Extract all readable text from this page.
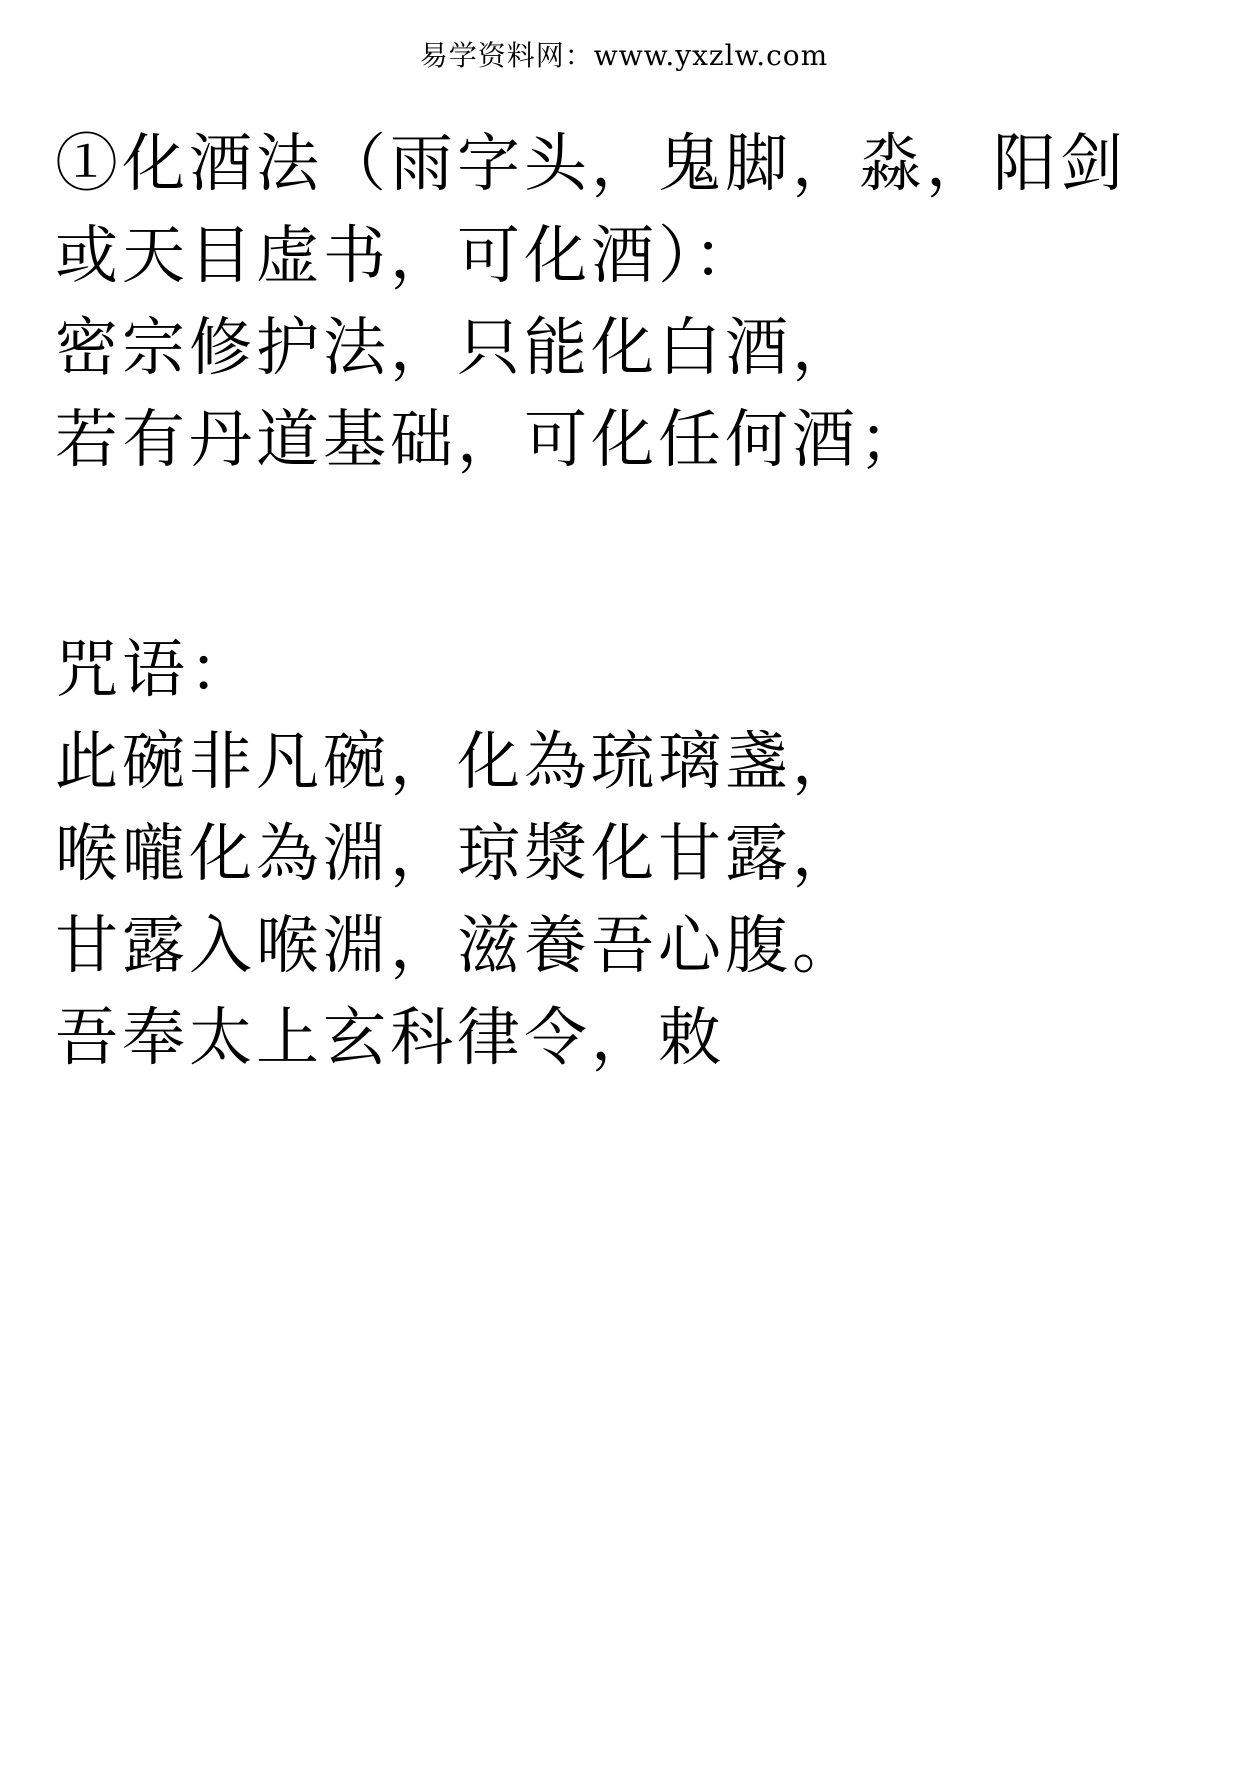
易学资料网：www.yxzlw.com

①化酒法（雨字头，鬼脚，淼，阳剑

或天目虚书，可化酒）：

密宗修护法，只能化白酒，

若有丹道基础，可化任何酒；

咒语：

此碗非凡碗，化為琉璃盞，

喉嚨化為淵，琼漿化甘露，

甘露入喉淵，滋養吾心腹。

吾奉太上玄科律令，敕
